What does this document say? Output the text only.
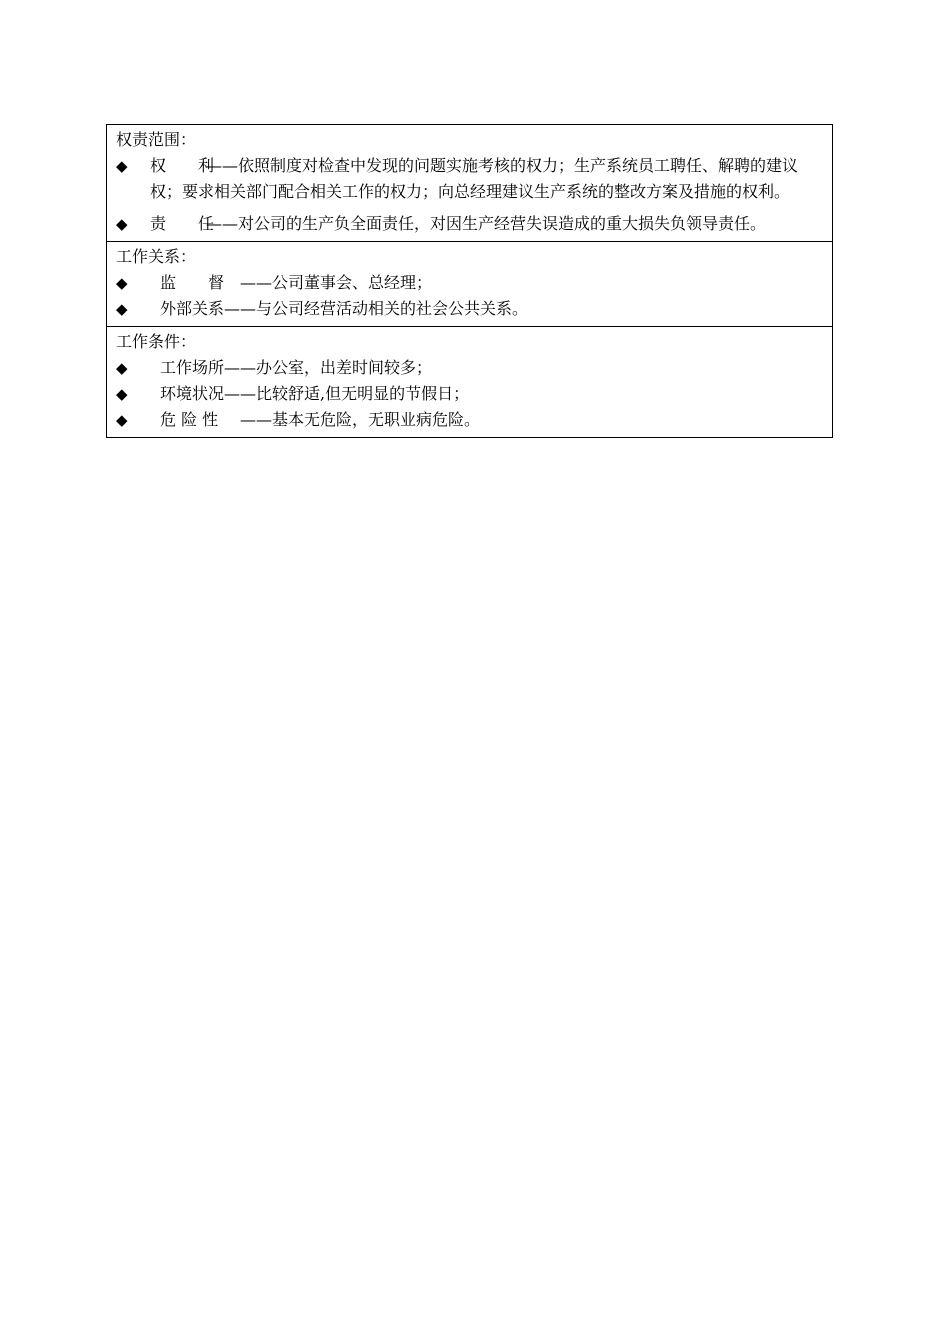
权责范围：
◆	权　　利——依照制度对检查中发现的问题实施考核的权力；生产系统员工聘任、解聘的建议权；要求相关部门配合相关工作的权力；向总经理建议生产系统的整改方案及措施的权利。
◆	责　　任——对公司的生产负全面责任，对因生产经营失误造成的重大损失负领导责任。
工作关系：
◆	监　　督 ——公司董事会、总经理；
◆	外部关系——与公司经营活动相关的社会公共关系。
工作条件：
◆	工作场所——办公室，出差时间较多；
◆	环境状况——比较舒适,但无明显的节假日；
◆	危 险 性 ——基本无危险，无职业病危险。
